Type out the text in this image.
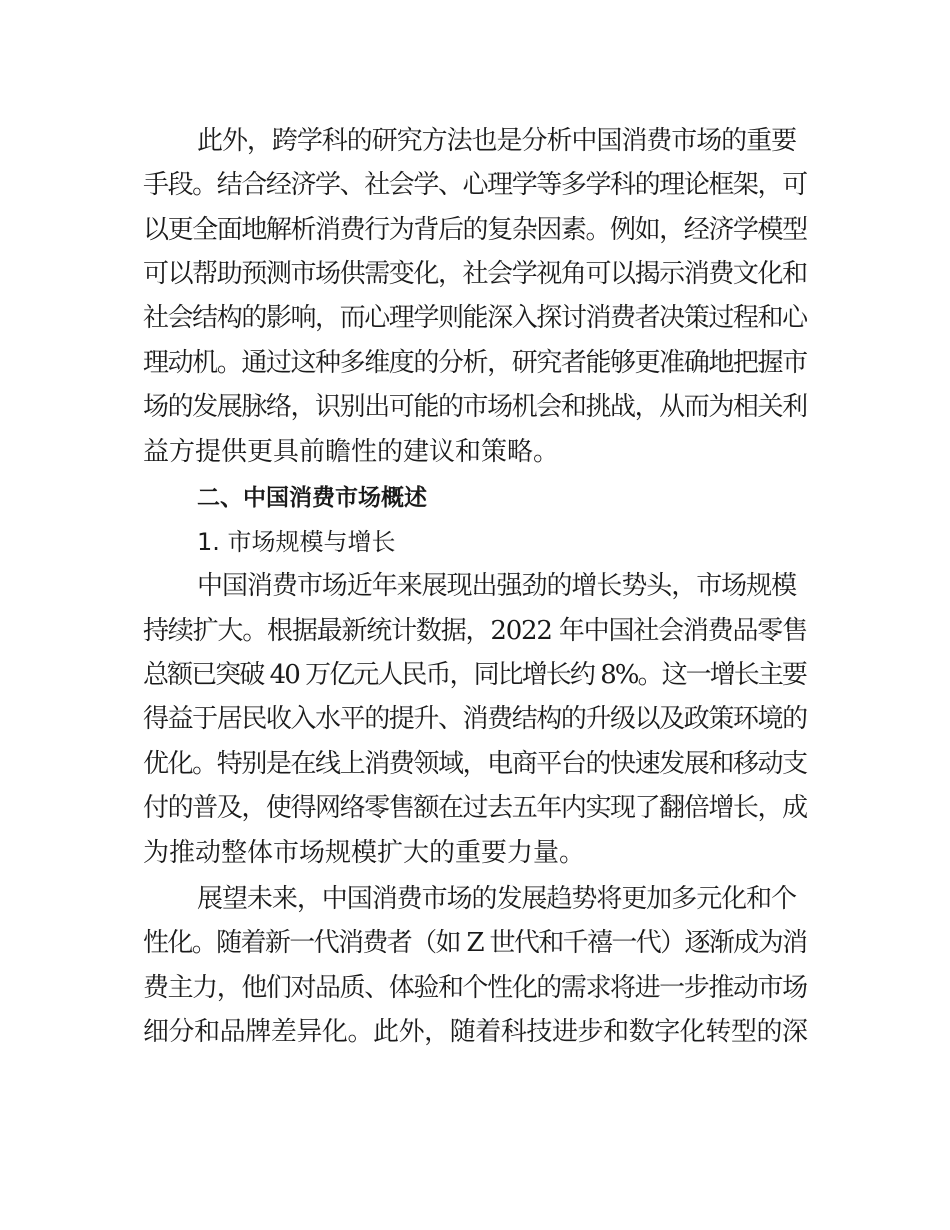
此外，跨学科的研究方法也是分析中国消费市场的重要
手段。结合经济学、社会学、心理学等多学科的理论框架，可
以更全面地解析消费行为背后的复杂因素。例如，经济学模型
可以帮助预测市场供需变化，社会学视角可以揭示消费文化和
社会结构的影响，而心理学则能深入探讨消费者决策过程和心
理动机。通过这种多维度的分析，研究者能够更准确地把握市
场的发展脉络，识别出可能的市场机会和挑战，从而为相关利
益方提供更具前瞻性的建议和策略。
二、中国消费市场概述
1. 市场规模与增长
中国消费市场近年来展现出强劲的增长势头，市场规模
持续扩大。根据最新统计数据，2022 年中国社会消费品零售
总额已突破 40 万亿元人民币，同比增长约 8%。这一增长主要
得益于居民收入水平的提升、消费结构的升级以及政策环境的
优化。特别是在线上消费领域，电商平台的快速发展和移动支
付的普及，使得网络零售额在过去五年内实现了翻倍增长，成
为推动整体市场规模扩大的重要力量。
展望未来，中国消费市场的发展趋势将更加多元化和个
性化。随着新一代消费者（如 Z 世代和千禧一代）逐渐成为消
费主力，他们对品质、体验和个性化的需求将进一步推动市场
细分和品牌差异化。此外，随着科技进步和数字化转型的深
